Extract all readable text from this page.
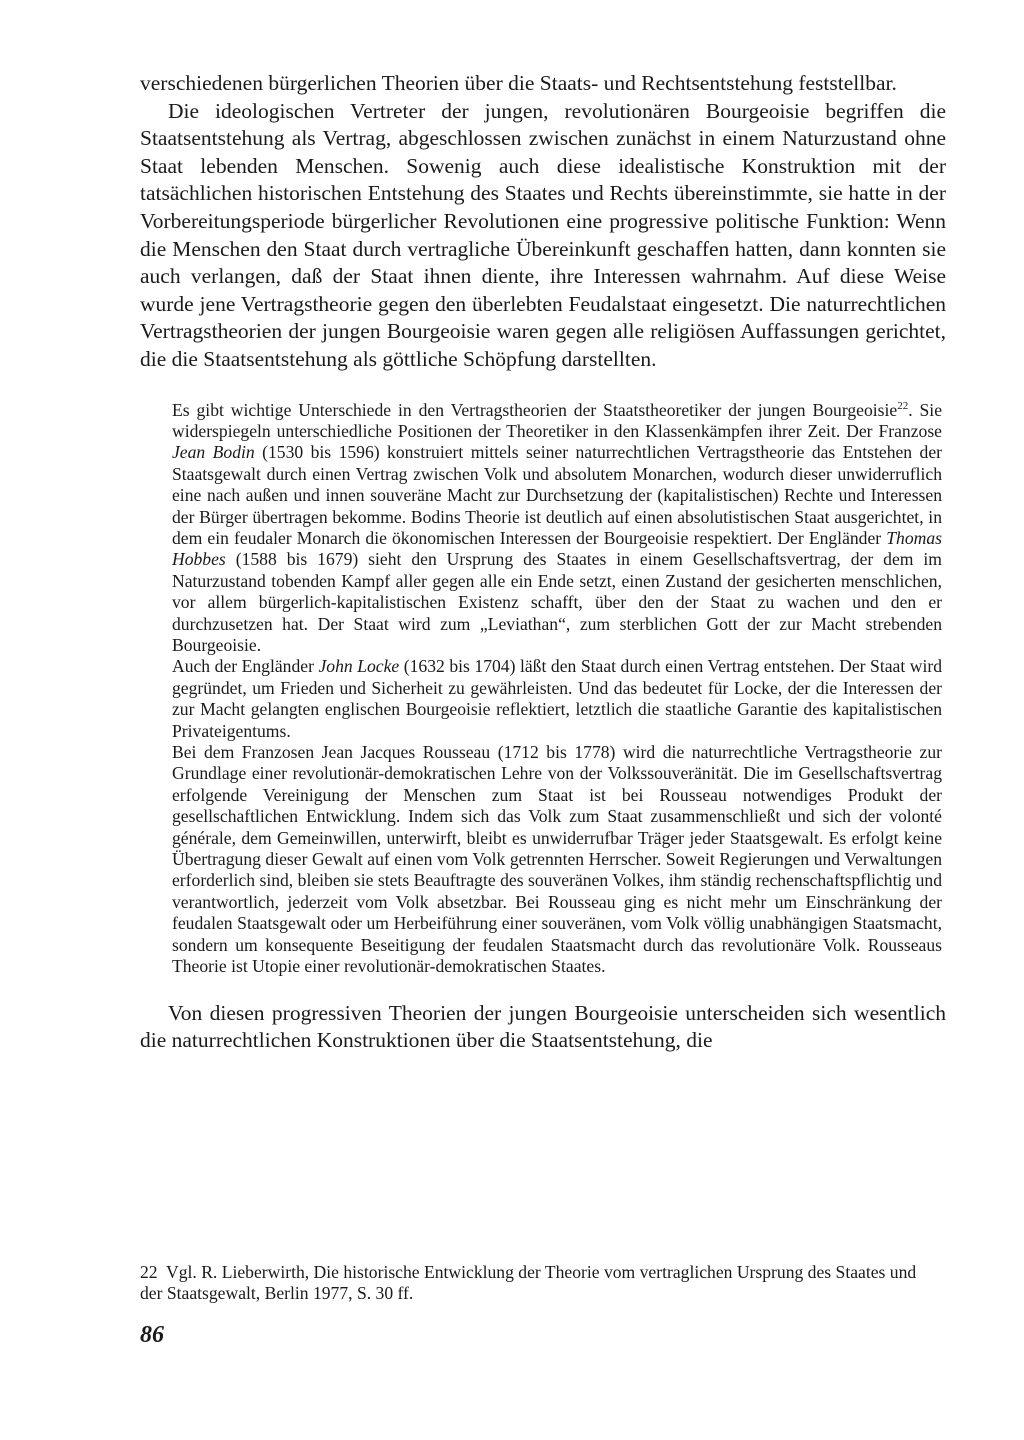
verschiedenen bürgerlichen Theorien über die Staats- und Rechtsentstehung feststellbar.

Die ideologischen Vertreter der jungen, revolutionären Bourgeoisie begriffen die Staatsentstehung als Vertrag, abgeschlossen zwischen zunächst in einem Naturzustand ohne Staat lebenden Menschen. Sowenig auch diese idealistische Konstruktion mit der tatsächlichen historischen Entstehung des Staates und Rechts übereinstimmte, sie hatte in der Vorbereitungsperiode bürgerlicher Revolutionen eine progressive politische Funktion: Wenn die Menschen den Staat durch vertragliche Übereinkunft geschaffen hatten, dann konnten sie auch verlangen, daß der Staat ihnen diente, ihre Interessen wahrnahm. Auf diese Weise wurde jene Vertragstheorie gegen den überlebten Feudalstaat eingesetzt. Die naturrechtlichen Vertragstheorien der jungen Bourgeoisie waren gegen alle religiösen Auffassungen gerichtet, die die Staatsentstehung als göttliche Schöpfung darstellten.

Es gibt wichtige Unterschiede in den Vertragstheorien der Staatstheoretiker der jungen Bourgeoisie$^{22}$. Sie widerspiegeln unterschiedliche Positionen der Theoretiker in den Klassenkämpfen ihrer Zeit. Der Franzose Jean Bodin (1530 bis 1596) konstruiert mittels seiner naturrechtlichen Vertragstheorie das Entstehen der Staatsgewalt durch einen Vertrag zwischen Volk und absolutem Monarchen, wodurch dieser unwiderruflich eine nach außen und innen souveräne Macht zur Durchsetzung der (kapitalistischen) Rechte und Interessen der Bürger übertragen bekomme. Bodins Theorie ist deutlich auf einen absolutistischen Staat ausgerichtet, in dem ein feudaler Monarch die ökonomischen Interessen der Bourgeoisie respektiert. Der Engländer Thomas Hobbes (1588 bis 1679) sieht den Ursprung des Staates in einem Gesellschaftsvertrag, der dem im Naturzustand tobenden Kampf aller gegen alle ein Ende setzt, einen Zustand der gesicherten menschlichen, vor allem bürgerlich-kapitalistischen Existenz schafft, über den der Staat zu wachen und den er durchzusetzen hat. Der Staat wird zum „Leviathan“, zum sterblichen Gott der zur Macht strebenden Bourgeoisie.

Auch der Engländer John Locke (1632 bis 1704) läßt den Staat durch einen Vertrag entstehen. Der Staat wird gegründet, um Frieden und Sicherheit zu gewährleisten. Und das bedeutet für Locke, der die Interessen der zur Macht gelangten englischen Bourgeoisie reflektiert, letztlich die staatliche Garantie des kapitalistischen Privateigentums.

Bei dem Franzosen Jean Jacques Rousseau (1712 bis 1778) wird die naturrechtliche Vertragstheorie zur Grundlage einer revolutionär-demokratischen Lehre von der Volkssouveränität. Die im Gesellschaftsvertrag erfolgende Vereinigung der Menschen zum Staat ist bei Rousseau notwendiges Produkt der gesellschaftlichen Entwicklung. Indem sich das Volk zum Staat zusammenschließt und sich der volonté générale, dem Gemeinwillen, unterwirft, bleibt es unwiderrufbar Träger jeder Staatsgewalt. Es erfolgt keine Übertragung dieser Gewalt auf einen vom Volk getrennten Herrscher. Soweit Regierungen und Verwaltungen erforderlich sind, bleiben sie stets Beauftragte des souveränen Volkes, ihm ständig rechenschaftspflichtig und verantwortlich, jederzeit vom Volk absetzbar. Bei Rousseau ging es nicht mehr um Einschränkung der feudalen Staatsgewalt oder um Herbeiführung einer souveränen, vom Volk völlig unabhängigen Staatsmacht, sondern um konsequente Beseitigung der feudalen Staatsmacht durch das revolutionäre Volk. Rousseaus Theorie ist Utopie einer revolutionär-demokratischen Staates.

Von diesen progressiven Theorien der jungen Bourgeoisie unterscheiden sich wesentlich die naturrechtlichen Konstruktionen über die Staatsentstehung, die

22 Vgl. R. Lieberwirth, Die historische Entwicklung der Theorie vom vertraglichen Ursprung des Staates und der Staatsgewalt, Berlin 1977, S. 30 ff.

86
